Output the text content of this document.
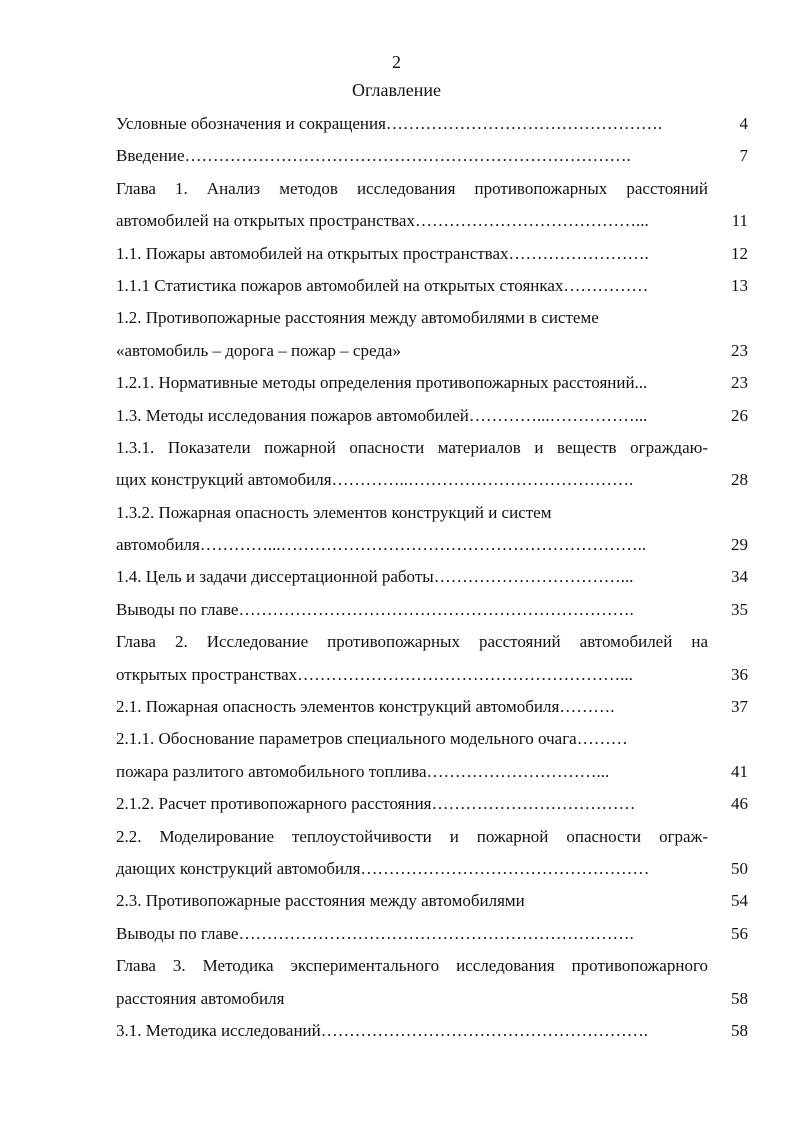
2
Оглавление
Условные обозначения и сокращения………………………………………….	4
Введение…………………………………………………………………….	7
Глава 1. Анализ методов исследования противопожарных расстояний
автомобилей на открытых пространствах…………………………………...	11
1.1. Пожары автомобилей на открытых пространствах…………………….	12
1.1.1 Статистика пожаров автомобилей на открытых стоянках……………	13
1.2. Противопожарные расстояния между автомобилями в системе
«автомобиль – дорога – пожар – среда»	23
1.2.1. Нормативные методы определения противопожарных расстояний...	23
1.3. Методы исследования пожаров автомобилей…………...……………...	26
1.3.1. Показатели пожарной опасности материалов и веществ ограждаю-
щих конструкций автомобиля…………..………………………………….	28
1.3.2. Пожарная опасность элементов конструкций и систем
автомобиля…………...………………………………………………………..	29
1.4. Цель и задачи диссертационной работы……………………………...	34
Выводы по главе…………………………………………………………….	35
Глава 2. Исследование противопожарных расстояний автомобилей на
открытых пространствах…………………………………………………...	36
2.1. Пожарная опасность элементов конструкций автомобиля……….	37
2.1.1. Обоснование параметров специального модельного очага………
пожара разлитого автомобильного топлива…………………………...	41
2.1.2. Расчет противопожарного расстояния………………………………	46
2.2. Моделирование теплоустойчивости и пожарной опасности ограж-
дающих конструкций автомобиля……………………………………………	50
2.3. Противопожарные расстояния между автомобилями	54
Выводы по главе…………………………………………………………….	56
Глава 3. Методика экспериментального исследования противопожарного
расстояния автомобиля	58
3.1. Методика исследований………………………………………………….	58
